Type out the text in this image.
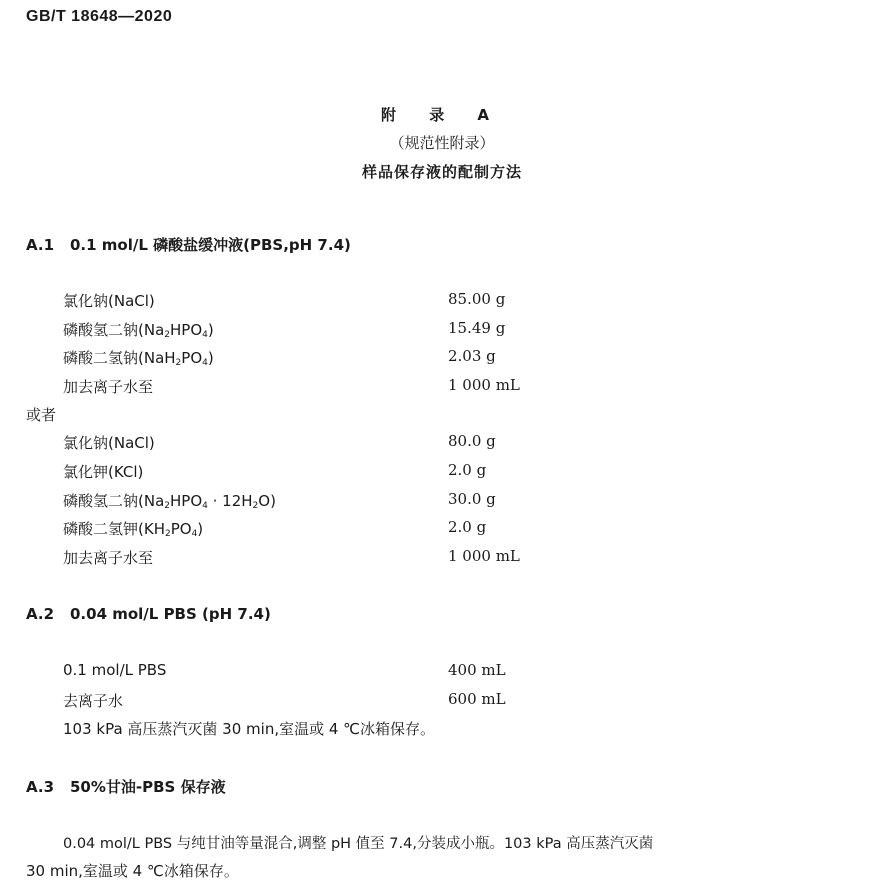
GB/T 18648—2020
附 录 A
（规范性附录）
样品保存液的配制方法
A.1 0.1 mol/L 磷酸盐缓冲液(PBS,pH 7.4)
氯化钠(NaCl)	85.00 g
磷酸氢二钠$(Na_2HPO_4)$	15.49 g
磷酸二氢钠$(NaH_2PO_4)$	2.03 g
加去离子水至	1 000 mL
或者
氯化钠(NaCl)	80.0 g
氯化钾(KCl)	2.0 g
磷酸氢二钠$(Na_2HPO_4 \cdot 12H_2O)$	30.0 g
磷酸二氢钾$(KH_2PO_4)$	2.0 g
加去离子水至	1 000 mL
A.2 0.04 mol/L PBS (pH 7.4)
0.1 mol/L PBS	400 mL
去离子水	600 mL
103 kPa 高压蒸汽灭菌 30 min,室温或 4 ℃冰箱保存。
A.3 50%甘油-PBS 保存液
0.04 mol/L PBS 与纯甘油等量混合,调整 pH 值至 7.4,分装成小瓶。103 kPa 高压蒸汽灭菌
30 min,室温或 4 ℃冰箱保存。
